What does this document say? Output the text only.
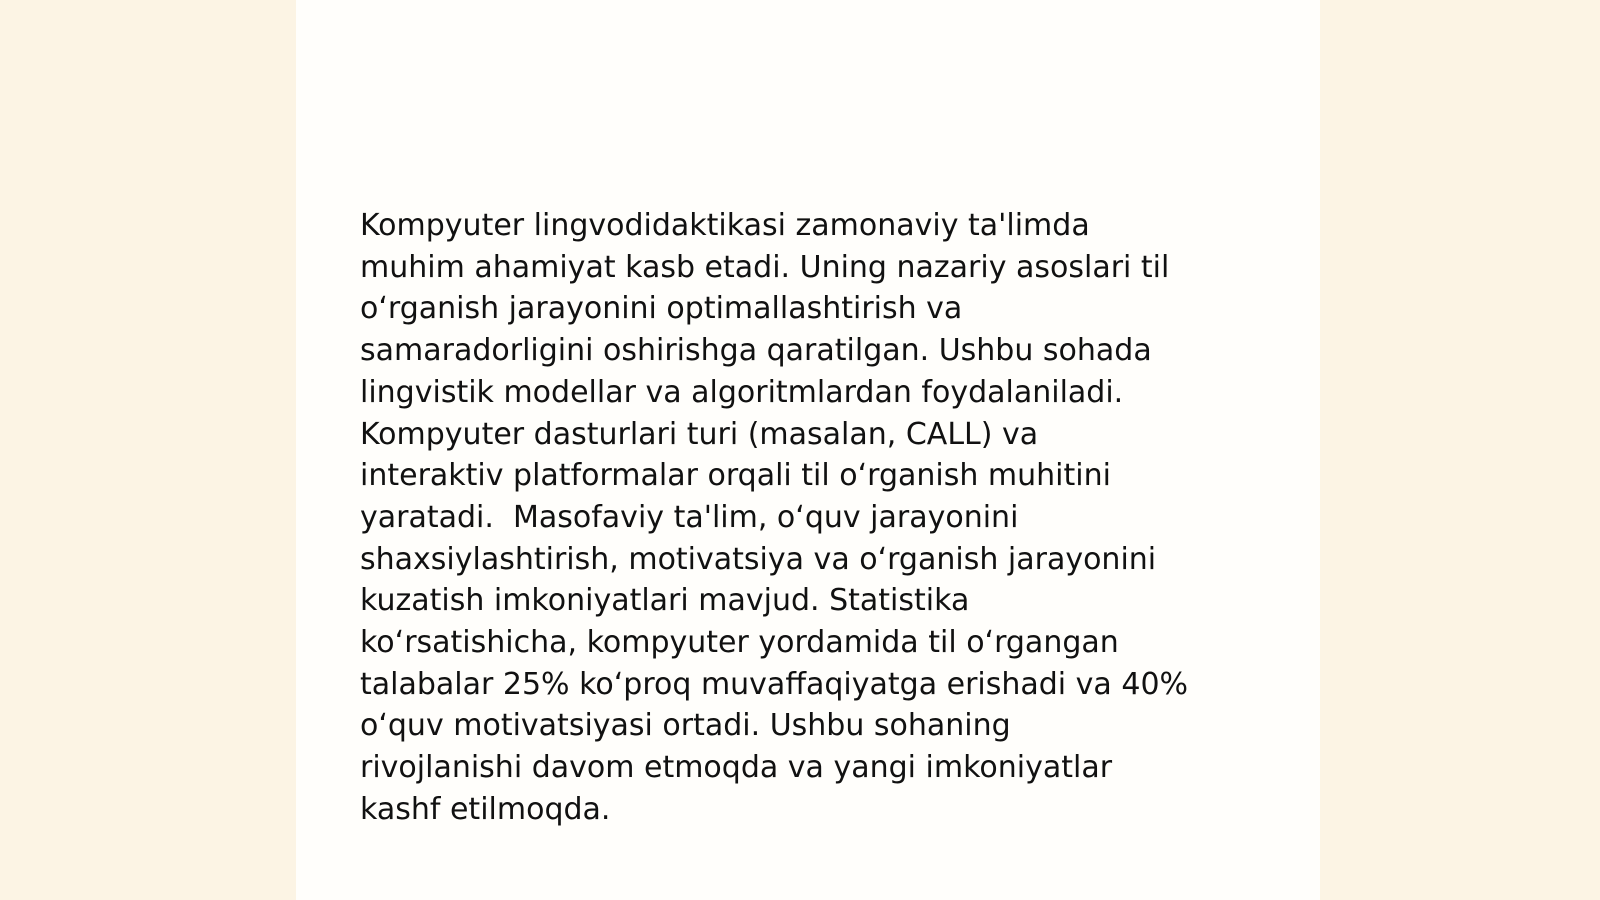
Kompyuter lingvodidaktikasi zamonaviy ta'limda
muhim ahamiyat kasb etadi. Uning nazariy asoslari til
oʻrganish jarayonini optimallashtirish va
samaradorligini oshirishga qaratilgan. Ushbu sohada
lingvistik modellar va algoritmlardan foydalaniladi.
Kompyuter dasturlari turi (masalan, CALL) va
interaktiv platformalar orqali til oʻrganish muhitini
yaratadi.  Masofaviy ta'lim, oʻquv jarayonini
shaxsiylashtirish, motivatsiya va oʻrganish jarayonini
kuzatish imkoniyatlari mavjud. Statistika
koʻrsatishicha, kompyuter yordamida til oʻrgangan
talabalar 25% koʻproq muvaffaqiyatga erishadi va 40%
oʻquv motivatsiyasi ortadi. Ushbu sohaning
rivojlanishi davom etmoqda va yangi imkoniyatlar
kashf etilmoqda.
